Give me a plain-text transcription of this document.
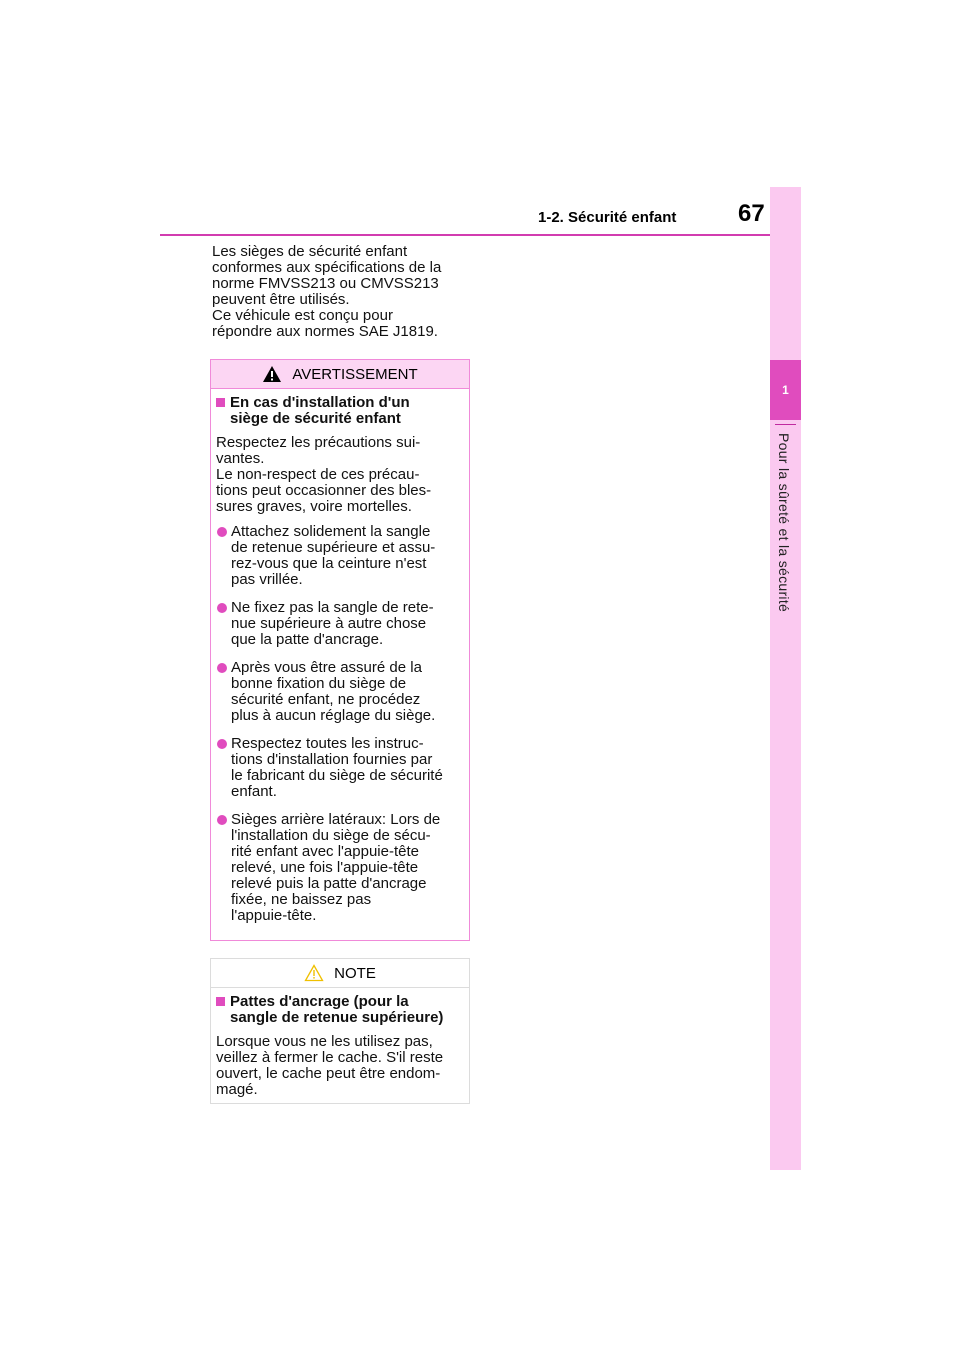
1
Pour la sûreté et la sécurité
1-2. Sécurité enfant	67

Les sièges de sécurité enfant
conformes aux spécifications de la
norme FMVSS213 ou CMVSS213
peuvent être utilisés.
Ce véhicule est conçu pour
répondre aux normes SAE J1819.

AVERTISSEMENT

En cas d'installation d'un
siège de sécurité enfant

Respectez les précautions sui-
vantes.
Le non-respect de ces précau-
tions peut occasionner des bles-
sures graves, voire mortelles.

Attachez solidement la sangle
de retenue supérieure et assu-
rez-vous que la ceinture n'est
pas vrillée.

Ne fixez pas la sangle de rete-
nue supérieure à autre chose
que la patte d'ancrage.

Après vous être assuré de la
bonne fixation du siège de
sécurité enfant, ne procédez
plus à aucun réglage du siège.

Respectez toutes les instruc-
tions d'installation fournies par
le fabricant du siège de sécurité
enfant.

Sièges arrière latéraux: Lors de
l'installation du siège de sécu-
rité enfant avec l'appuie-tête
relevé, une fois l'appuie-tête
relevé puis la patte d'ancrage
fixée, ne baissez pas
l'appuie-tête.

NOTE

Pattes d'ancrage (pour la
sangle de retenue supérieure)

Lorsque vous ne les utilisez pas,
veillez à fermer le cache. S'il reste
ouvert, le cache peut être endom-
magé.
